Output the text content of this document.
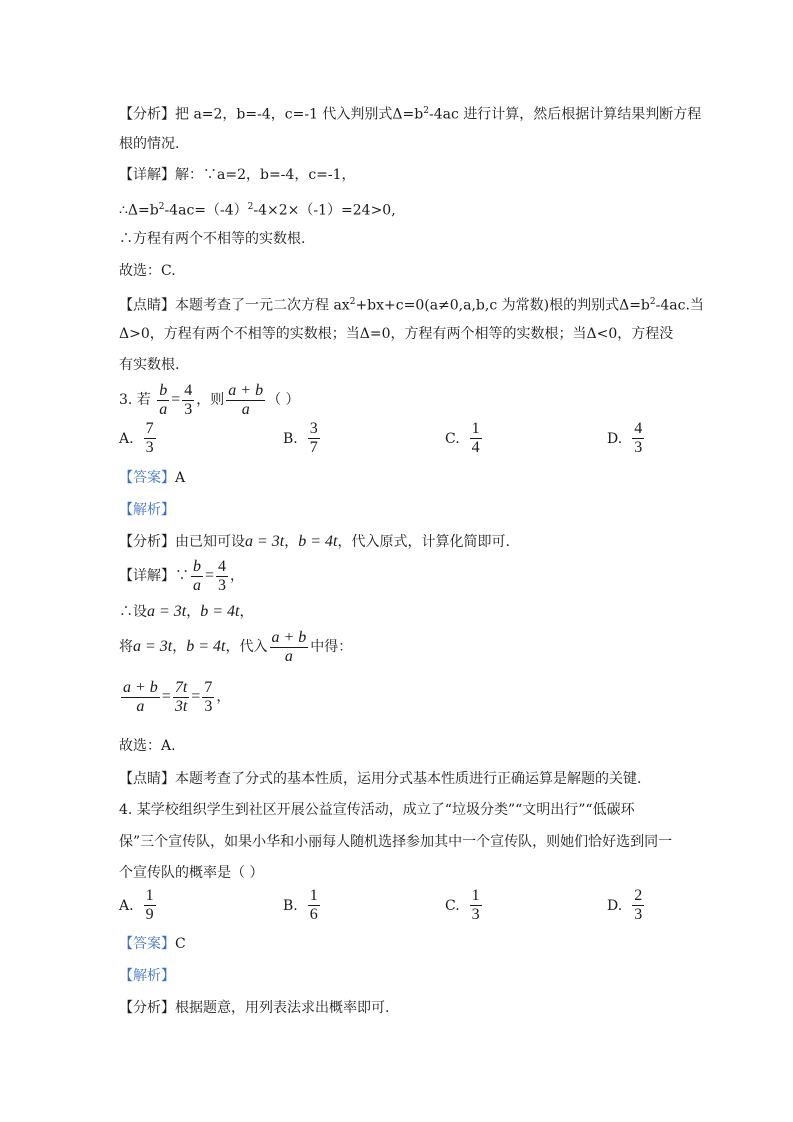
【分析】把 a=2，b=-4，c=-1 代入判别式$\Delta=b^2-4ac$ 进行计算，然后根据计算结果判断方程
根的情况.
【详解】解：∵a=2，b=-4，c=-1，
$\therefore\Delta=b^2-4ac=(-4)^2-4\times 2\times(-1)=24>0$,
∴方程有两个不相等的实数根.
故选：C.
【点睛】本题考查了一元二次方程 $ax^2+bx+c=0(a\ne 0,a,b,c$ 为常数)根的判别式$\Delta=b^2-4ac$.当
Δ>0，方程有两个不相等的实数根；当Δ=0，方程有两个相等的实数根；当Δ<0，方程没
有实数根.
3. 若 $\frac{b}{a} = \frac{4}{3}$ ，则 $\frac{a + b}{a}$ （ ）
A. $\frac{7}{3}$	B. $\frac{3}{7}$	C. $\frac{1}{4}$	D. $\frac{4}{3}$
【答案】A
【解析】
【分析】由已知可设a = 3t，b = 4t，代入原式，计算化简即可.
【详解】∵ $\frac{b}{a} = \frac{4}{3}$ ，
∴设a = 3t，b = 4t，
将a = 3t，b = 4t，代入 $\frac{a + b}{a}$ 中得：
$\frac{a + b}{a} = \frac{7t}{3t} = \frac{7}{3}$ ，
故选：A.
【点睛】本题考查了分式的基本性质，运用分式基本性质进行正确运算是解题的关键.
4. 某学校组织学生到社区开展公益宣传活动，成立了“垃圾分类”“文明出行”“低碳环
保”三个宣传队，如果小华和小丽每人随机选择参加其中一个宣传队，则她们恰好选到同一
个宣传队的概率是（ ）
A. $\frac{1}{9}$	B. $\frac{1}{6}$	C. $\frac{1}{3}$	D. $\frac{2}{3}$
【答案】C
【解析】
【分析】根据题意，用列表法求出概率即可.
